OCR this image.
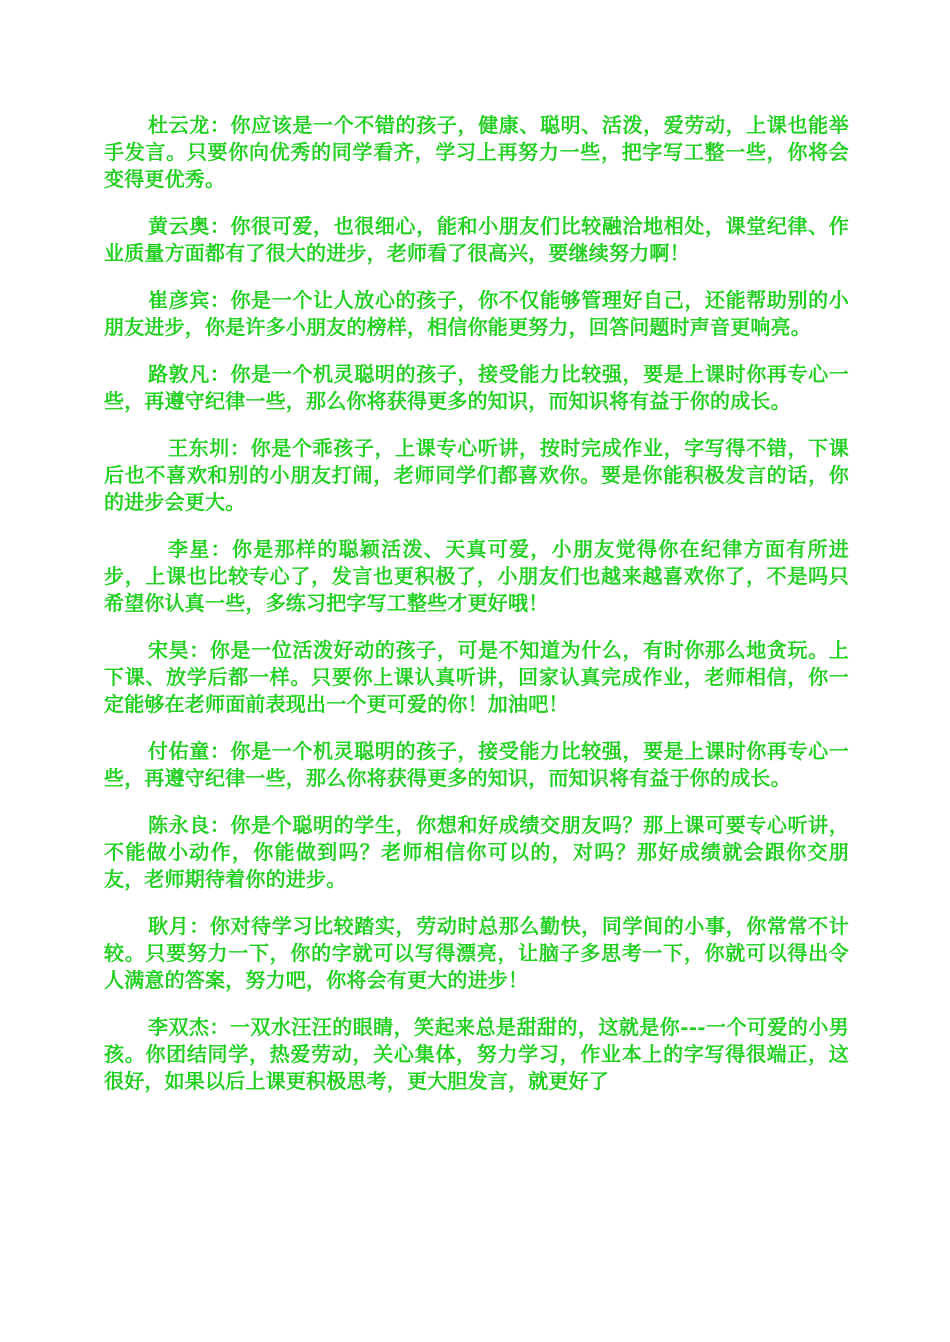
杜云龙：你应该是一个不错的孩子，健康、聪明、活泼，爱劳动，上课也能举手发言。只要你向优秀的同学看齐，学习上再努力一些，把字写工整一些，你将会变得更优秀。

黄云奥：你很可爱，也很细心，能和小朋友们比较融洽地相处，课堂纪律、作业质量方面都有了很大的进步，老师看了很高兴，要继续努力啊！

崔彦宾：你是一个让人放心的孩子，你不仅能够管理好自己，还能帮助别的小朋友进步，你是许多小朋友的榜样，相信你能更努力，回答问题时声音更响亮。

路敦凡：你是一个机灵聪明的孩子，接受能力比较强，要是上课时你再专心一些，再遵守纪律一些，那么你将获得更多的知识，而知识将有益于你的成长。

王东圳：你是个乖孩子，上课专心听讲，按时完成作业，字写得不错，下课后也不喜欢和别的小朋友打闹，老师同学们都喜欢你。要是你能积极发言的话，你的进步会更大。

李星：你是那样的聪颖活泼、天真可爱，小朋友觉得你在纪律方面有所进步，上课也比较专心了，发言也更积极了，小朋友们也越来越喜欢你了，不是吗只希望你认真一些，多练习把字写工整些才更好哦！

宋昊：你是一位活泼好动的孩子，可是不知道为什么，有时你那么地贪玩。上下课、放学后都一样。只要你上课认真听讲，回家认真完成作业，老师相信，你一定能够在老师面前表现出一个更可爱的你！加油吧！

付佑童：你是一个机灵聪明的孩子，接受能力比较强，要是上课时你再专心一些，再遵守纪律一些，那么你将获得更多的知识，而知识将有益于你的成长。

陈永良：你是个聪明的学生，你想和好成绩交朋友吗？那上课可要专心听讲，不能做小动作，你能做到吗？老师相信你可以的，对吗？那好成绩就会跟你交朋友，老师期待着你的进步。

耿月：你对待学习比较踏实，劳动时总那么勤快，同学间的小事，你常常不计较。只要努力一下，你的字就可以写得漂亮，让脑子多思考一下，你就可以得出令人满意的答案，努力吧，你将会有更大的进步！

李双杰：一双水汪汪的眼睛，笑起来总是甜甜的，这就是你---一个可爱的小男孩。你团结同学，热爱劳动，关心集体，努力学习，作业本上的字写得很端正，这很好，如果以后上课更积极思考，更大胆发言，就更好了
